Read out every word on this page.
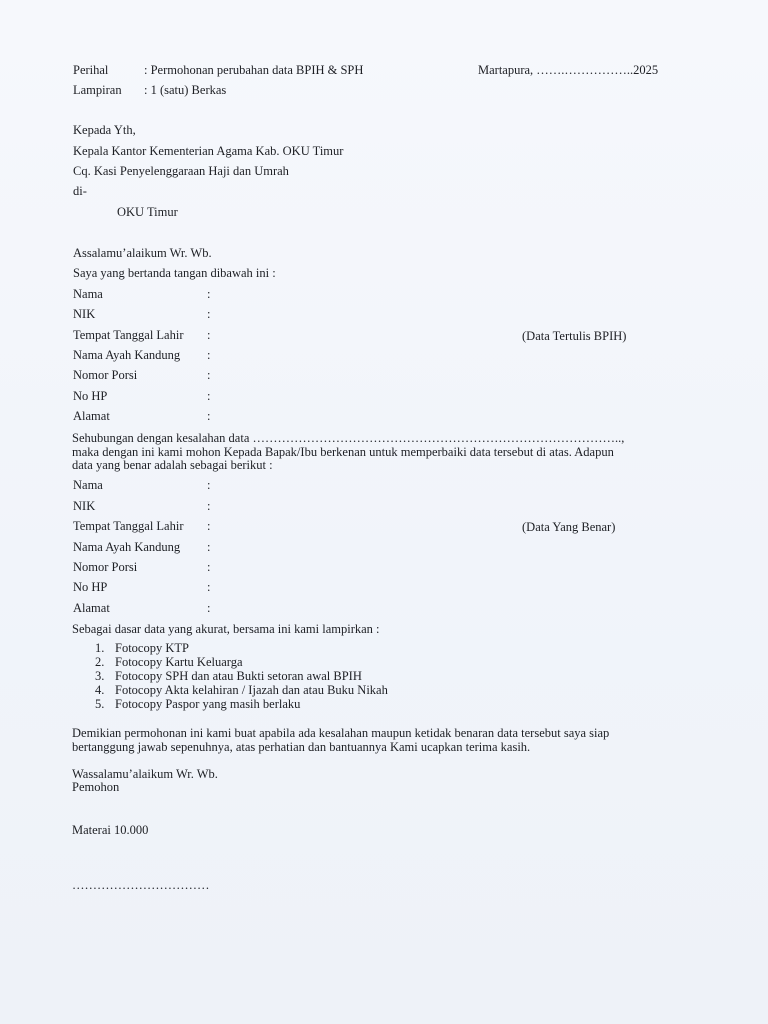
Perihal	: Permohonan perubahan data BPIH & SPH	Martapura, …….……………..2025
Lampiran : 1 (satu) Berkas
Kepada Yth,
Kepala Kantor Kementerian Agama Kab. OKU Timur
Cq. Kasi Penyelenggaraan Haji dan Umrah
di-
OKU Timur
Assalamu’alaikum Wr. Wb.
Saya yang bertanda tangan dibawah ini :
Nama	:
NIK	:
Tempat Tanggal Lahir :	(Data Tertulis BPIH)
Nama Ayah Kandung :
Nomor Porsi	:
No HP	:
Alamat	:
Sehubungan dengan kesalahan data ……………………………………………………………………………..,
maka dengan ini kami mohon Kepada Bapak/Ibu berkenan untuk memperbaiki data tersebut di atas. Adapun
data yang benar adalah sebagai berikut :
Nama	:
NIK	:
Tempat Tanggal Lahir :	(Data Yang Benar)
Nama Ayah Kandung :
Nomor Porsi	:
No HP	:
Alamat	:
Sebagai dasar data yang akurat, bersama ini kami lampirkan :
1. Fotocopy KTP
2. Fotocopy Kartu Keluarga
3. Fotocopy SPH dan atau Bukti setoran awal BPIH
4. Fotocopy Akta kelahiran / Ijazah dan atau Buku Nikah
5. Fotocopy Paspor yang masih berlaku
Demikian permohonan ini kami buat apabila ada kesalahan maupun ketidak benaran data tersebut saya siap
bertanggung jawab sepenuhnya, atas perhatian dan bantuannya Kami ucapkan terima kasih.
Wassalamu’alaikum Wr. Wb.
Pemohon
Materai 10.000
……………………………
